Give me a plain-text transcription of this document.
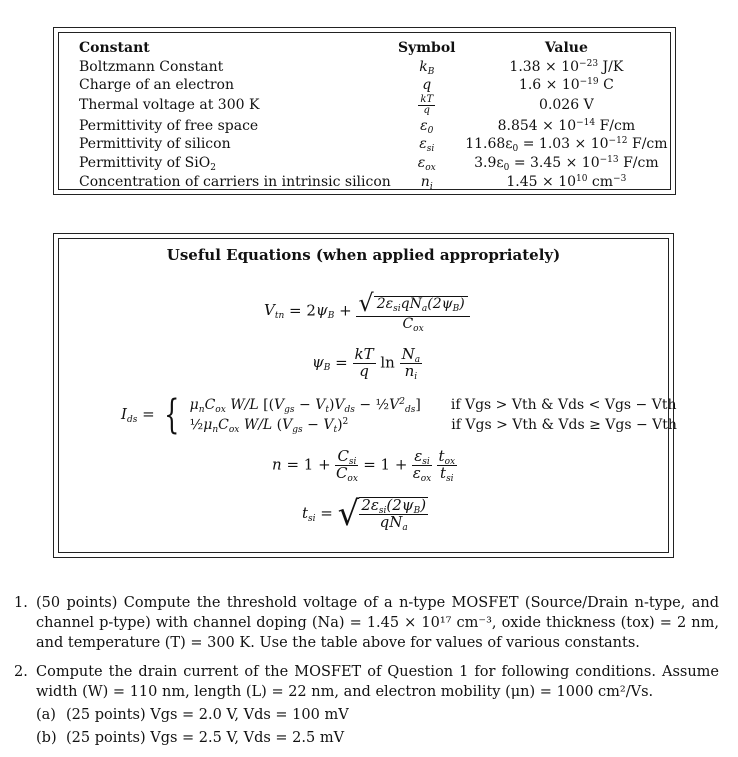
Constant	Symbol	Value
Boltzmann Constant	$k_B$	$1.38 \times 10^{-23}$ J/K
Charge of an electron	q	$1.6 \times 10^{-19}$ C
Thermal voltage at 300 K	$\frac{kT}{q}$	0.026 V
Permittivity of free space	$\varepsilon_0$	$8.854 \times 10^{-14}$ F/cm
Permittivity of silicon	$\varepsilon_{si}$	$11.68\varepsilon_0 = 1.03 \times 10^{-12}$ F/cm
Permittivity of SiO$_2$	$\varepsilon_{ox}$	$3.9\varepsilon_0 = 3.45 \times 10^{-13}$ F/cm
Concentration of carriers in intrinsic silicon	$n_i$	$1.45 \times 10^{10}$ $cm^{-3}$
Useful Equations (when applied appropriately)
$V_{tn} = 2\psi_B + \frac{√ 2\varepsilon_{si}qN_a(2\psi_B)}{C_{ox}}$
$\psi_B = \frac{kT}{q}$ $\ln \frac{N_a}{n_i}$
$I_{ds}$ = { $\mu_nC_{ox}$ W/L [$(V_{gs} - V_t)V_{ds}$ − $\frac{1}{2}V^2_{ds}$] if Vgs > Vth & Vds < Vgs − Vth
$\frac{1}{2}\mu_nC_{ox}$ W/L $(V_{gs} - V_t)^2$	if Vgs > Vth & Vds ≥ Vgs − Vth
$n = 1 + \frac{C_{si}}{C_{ox}} = 1 + \frac{\varepsilon_{si}}{\varepsilon_{ox}}$
$\frac{t_{ox}}{t_{si}}$
$t_{si}$ = √ $\frac{2\varepsilon_{si}(2\psi_B)}{qN_a}$
1. (50 points) Compute the threshold voltage of a n-type MOSFET (Source/Drain n-type, and channel p-type) with channel doping (Na) = 1.45 × 10¹⁷ cm⁻³, oxide thickness (tox) = 2 nm, and temperature (T) = 300 K. Use the table above for values of various constants.
2. Compute the drain current of the MOSFET of Question 1 for following conditions. Assume width (W) = 110 nm, length (L) = 22 nm, and electron mobility (μn) = 1000 cm²/Vs.
(a) (25 points) Vgs = 2.0 V, Vds = 100 mV
(b) (25 points) Vgs = 2.5 V, Vds = 2.5 mV
